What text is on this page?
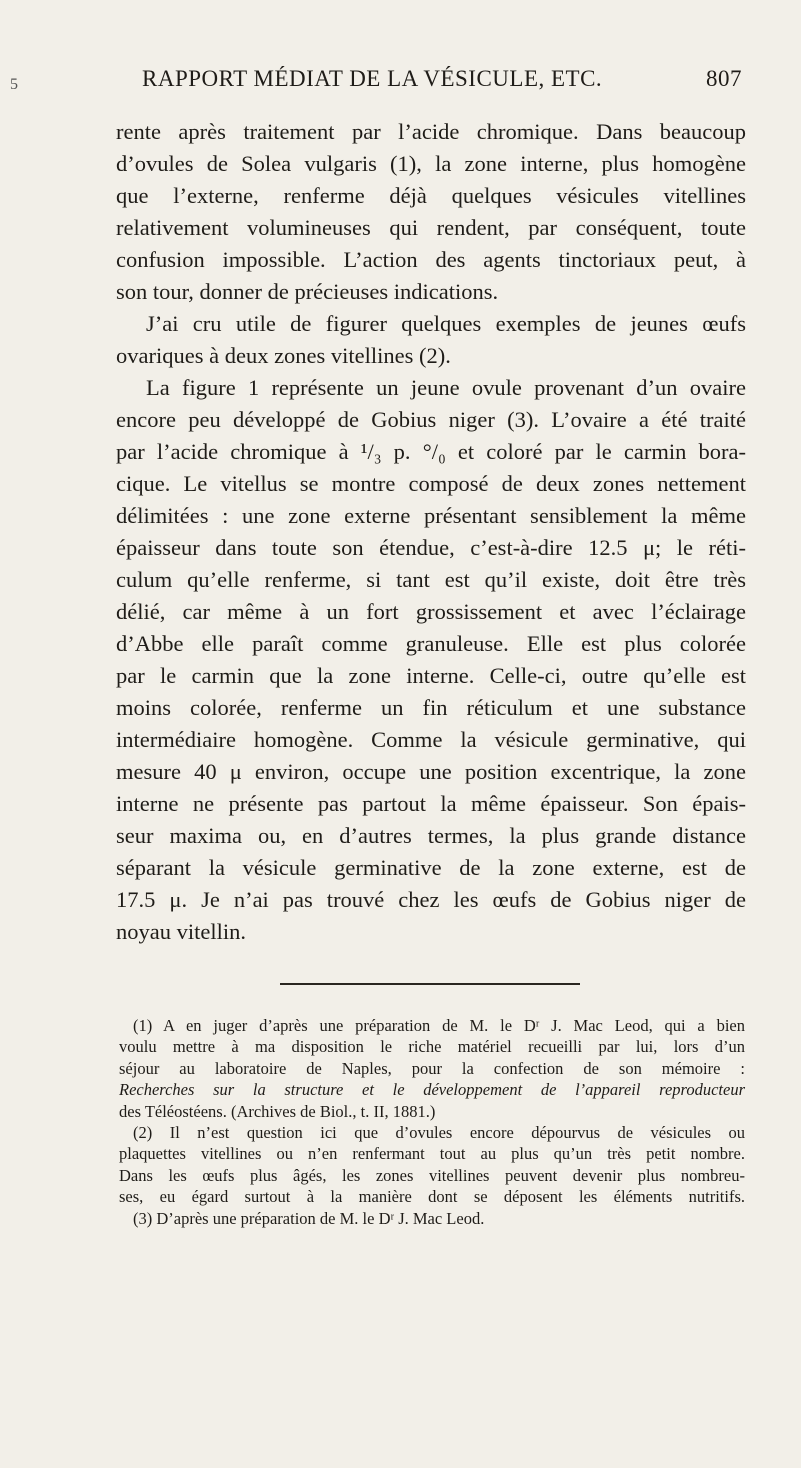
5	RAPPORT MÉDIAT DE LA VÉSICULE, ETC.	807
rente après traitement par l’acide chromique. Dans beaucoup
d’ovules de Solea vulgaris (1), la zone interne, plus homogène
que l’externe, renferme déjà quelques vésicules vitellines
relativement volumineuses qui rendent, par conséquent, toute
confusion impossible. L’action des agents tinctoriaux peut, à
son tour, donner de précieuses indications.
J’ai cru utile de figurer quelques exemples de jeunes œufs
ovariques à deux zones vitellines (2).
La figure 1 représente un jeune ovule provenant d’un ovaire
encore peu développé de Gobius niger (3). L’ovaire a été traité
par l’acide chromique à ¹/₃ p. °/₀ et coloré par le carmin bora-
cique. Le vitellus se montre composé de deux zones nettement
délimitées : une zone externe présentant sensiblement la même
épaisseur dans toute son étendue, c’est-à-dire 12.5 μ; le réti-
culum qu’elle renferme, si tant est qu’il existe, doit être très
délié, car même à un fort grossissement et avec l’éclairage
d’Abbe elle paraît comme granuleuse. Elle est plus colorée
par le carmin que la zone interne. Celle-ci, outre qu’elle est
moins colorée, renferme un fin réticulum et une substance
intermédiaire homogène. Comme la vésicule germinative, qui
mesure 40 μ environ, occupe une position excentrique, la zone
interne ne présente pas partout la même épaisseur. Son épais-
seur maxima ou, en d’autres termes, la plus grande distance
séparant la vésicule germinative de la zone externe, est de
17.5 μ. Je n’ai pas trouvé chez les œufs de Gobius niger de
noyau vitellin.
(1) A en juger d’après une préparation de M. le Dʳ J. Mac Leod, qui a bien
voulu mettre à ma disposition le riche matériel recueilli par lui, lors d’un
séjour au laboratoire de Naples, pour la confection de son mémoire :
Recherches sur la structure et le développement de l’appareil reproducteur
des Téléostéens. (Archives de Biol., t. II, 1881.)
(2) Il n’est question ici que d’ovules encore dépourvus de vésicules ou
plaquettes vitellines ou n’en renfermant tout au plus qu’un très petit nombre.
Dans les œufs plus âgés, les zones vitellines peuvent devenir plus nombreu-
ses, eu égard surtout à la manière dont se déposent les éléments nutritifs.
(3) D’après une préparation de M. le Dʳ J. Mac Leod.
